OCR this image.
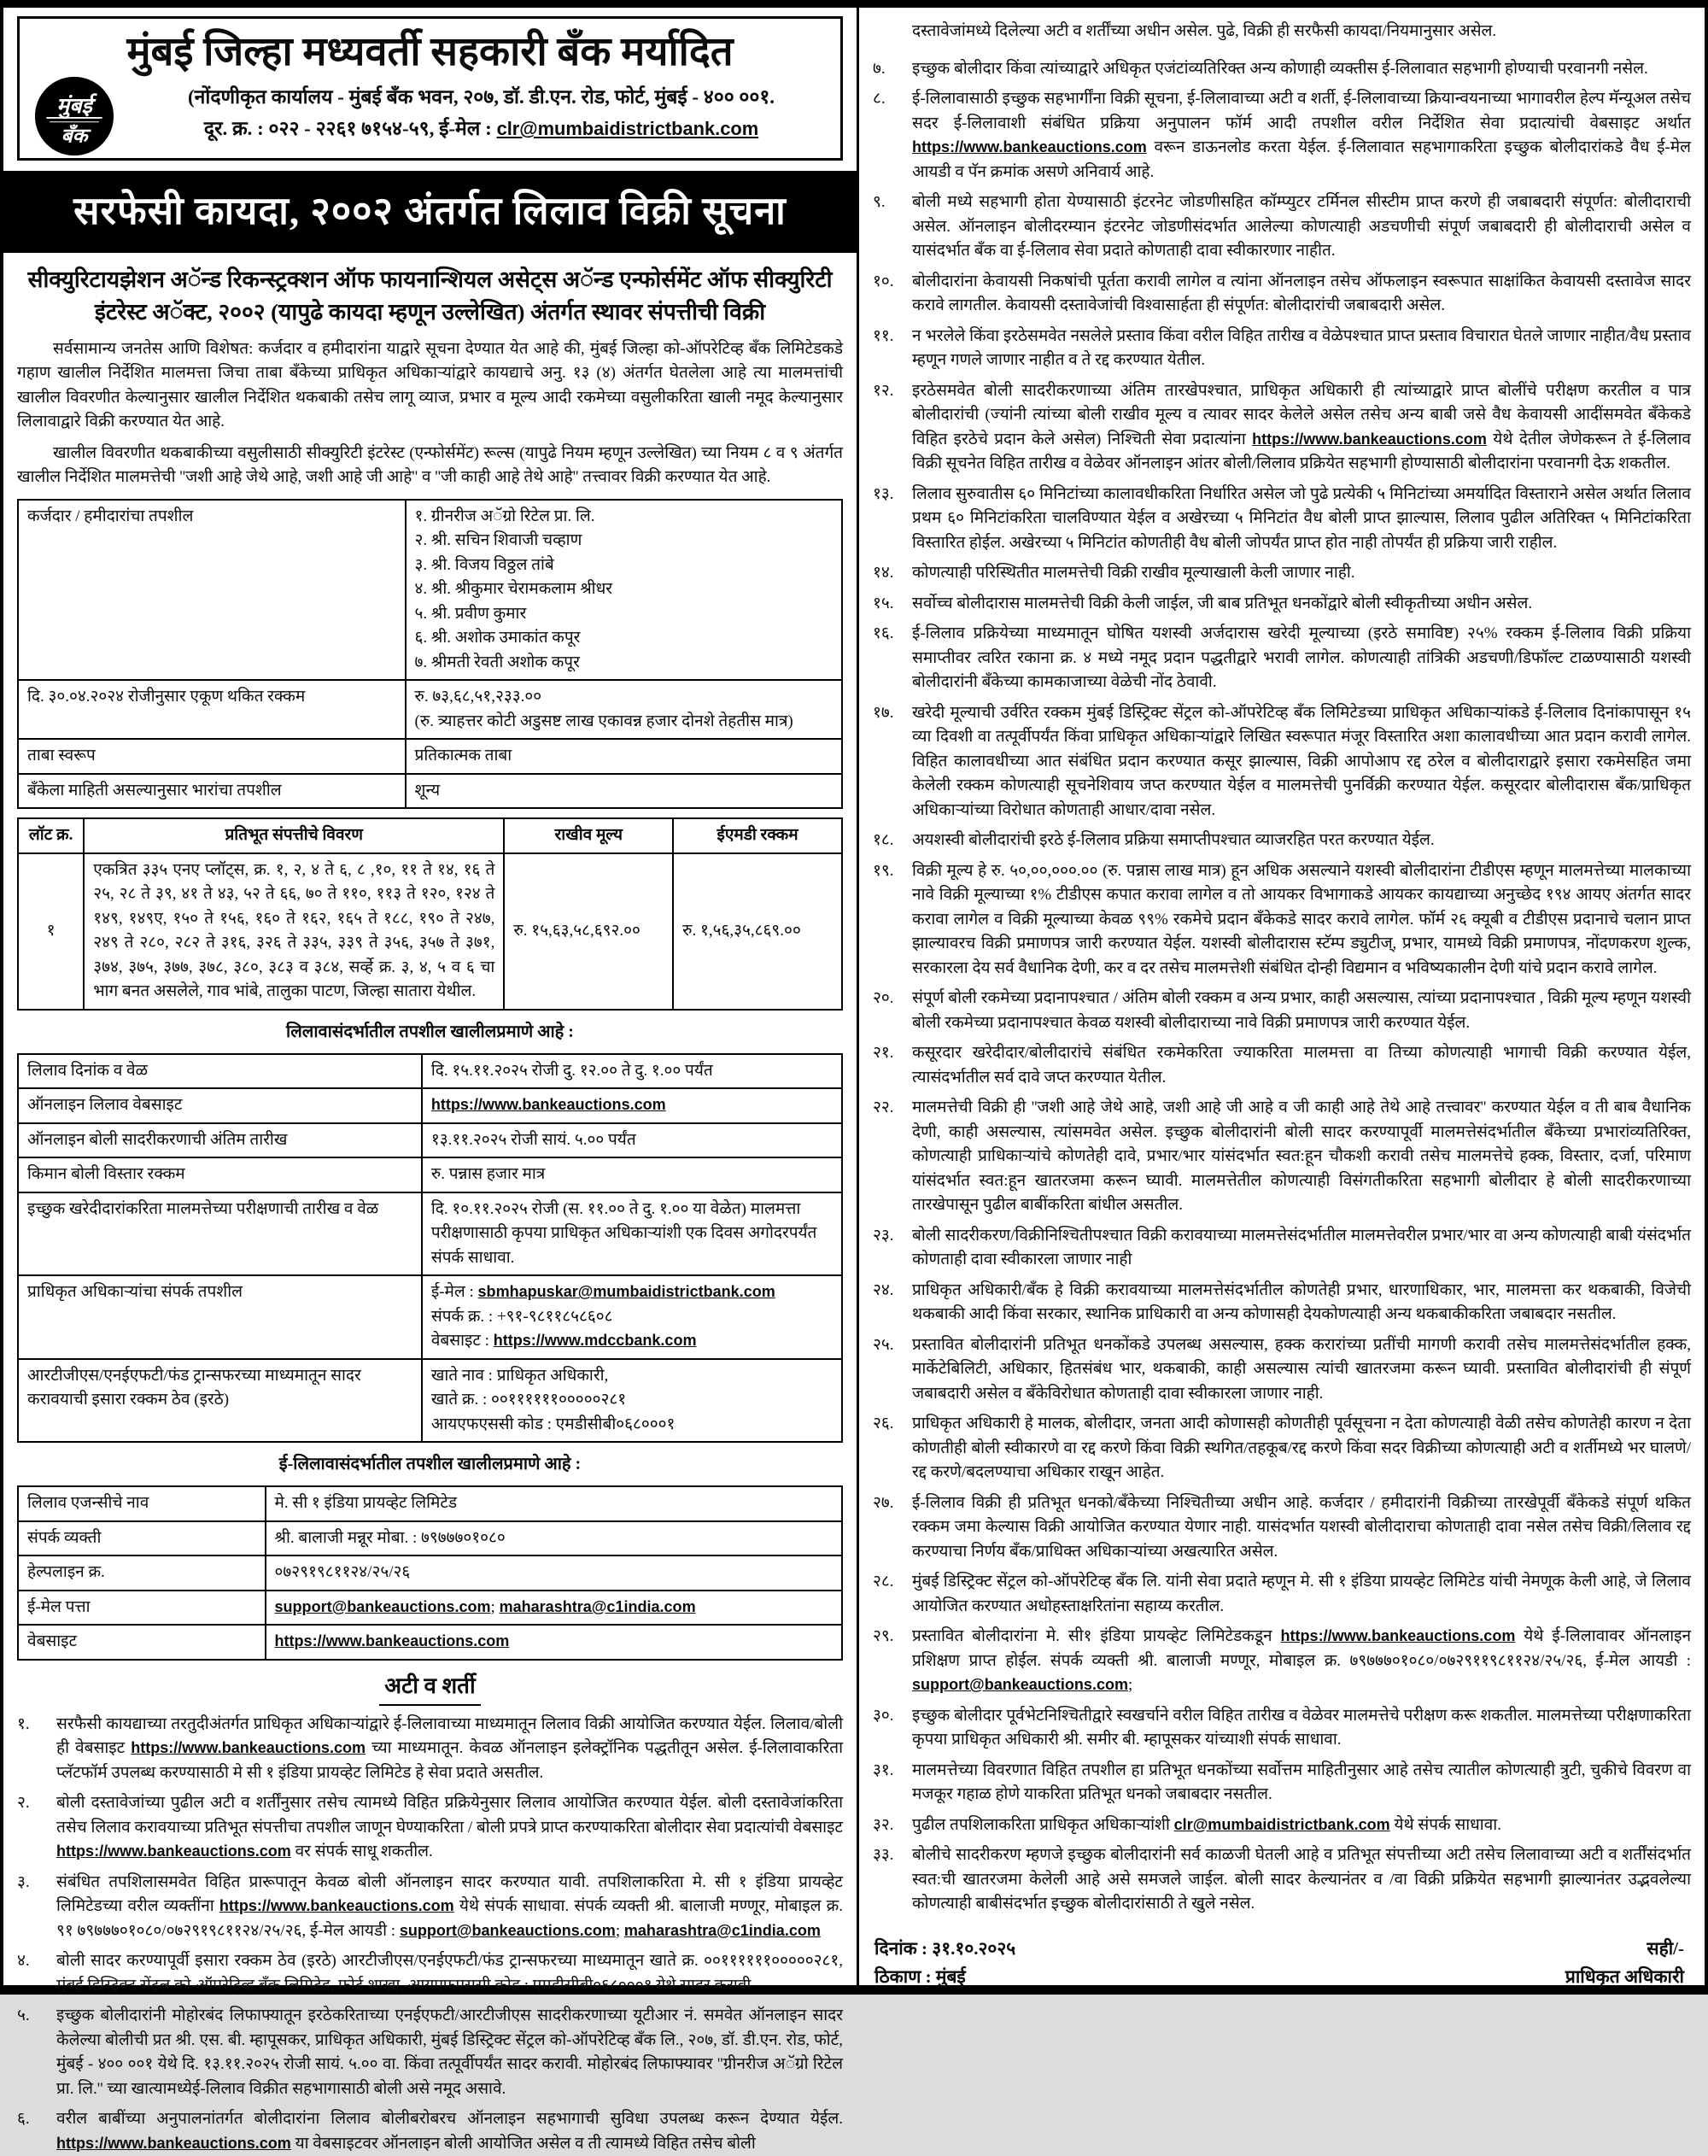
मुंबई
बँक
मुंबई जिल्हा मध्यवर्ती सहकारी बँक मर्यादित
(नोंदणीकृत कार्यालय - मुंबई बँक भवन, २०७, डॉ. डी.एन. रोड, फोर्ट, मुंबई - ४०० ००१.
दूर. क्र. : ०२२ - २२६१ ७१५४-५९, ई-मेल : clr@mumbaidistrictbank.com
सरफेसी कायदा, २००२ अंतर्गत लिलाव विक्री सूचना
सीक्युरिटायझेशन अॅन्ड रिकन्स्ट्रक्शन ऑफ फायनान्शियल असेट्स अॅन्ड एन्फोर्समेंट ऑफ सीक्युरिटी इंटरेस्ट अॅक्ट, २००२ (यापुढे कायदा म्हणून उल्लेखित) अंतर्गत स्थावर संपत्तीची विक्री

सर्वसामान्य जनतेस आणि विशेषत: कर्जदार व हमीदारांना याद्वारे सूचना देण्यात येत आहे की, मुंबई जिल्हा को-ऑपरेटिव्ह बँक लिमिटेडकडे गहाण खालील निर्देशित मालमत्ता जिचा ताबा बँकेच्या प्राधिकृत अधिकाऱ्यांद्वारे कायद्याचे अनु. १३ (४) अंतर्गत घेतलेला आहे त्या मालमत्तांची खालील विवरणीत केल्यानुसार खालील निर्देशित थकबाकी तसेच लागू व्याज, प्रभार व मूल्य आदी रकमेच्या वसुलीकरिता खाली नमूद केल्यानुसार लिलावाद्वारे विक्री करण्यात येत आहे.

खालील विवरणीत थकबाकीच्या वसुलीसाठी सीक्युरिटी इंटरेस्ट (एन्फोर्समेंट) रूल्स (यापुढे नियम म्हणून उल्लेखित) च्या नियम ८ व ९ अंतर्गत खालील निर्देशित मालमत्तेची ''जशी आहे जेथे आहे, जशी आहे जी आहे'' व ''जी काही आहे तेथे आहे'' तत्त्वावर विक्री करण्यात येत आहे.

कर्जदार / हमीदारांचा तपशील	१. ग्रीनरीज अॅग्रो रिटेल प्रा. लि.
२. श्री. सचिन शिवाजी चव्हाण
३. श्री. विजय विठ्ठल तांबे
४. श्री. श्रीकुमार चेरामकलाम श्रीधर
५. श्री. प्रवीण कुमार
६. श्री. अशोक उमाकांत कपूर
७. श्रीमती रेवती अशोक कपूर
दि. ३०.०४.२०२४ रोजीनुसार एकूण थकित रक्कम	रु. ७३,६८,५१,२३३.००
(रु. त्र्याहत्तर कोटी अडुसष्ट लाख एकावन्न हजार दोनशे तेहतीस मात्र)
ताबा स्वरूप	प्रतिकात्मक ताबा
बँकेला माहिती असल्यानुसार भारांचा तपशील	शून्य
लॉट क्र.	प्रतिभूत संपत्तीचे विवरण	राखीव मूल्य	ईएमडी रक्कम
१	एकत्रित ३३५ एनए प्लॉट्स, क्र. १, २, ४ ते ६, ८ ,१०, ११ ते १४, १६ ते २५, २८ ते ३९, ४१ ते ४३, ५२ ते ६६, ७० ते ११०, ११३ ते १२०, १२४ ते १४९, १४९ए, १५० ते १५६, १६० ते १६२, १६५ ते १८८, १९० ते २४७, २४९ ते २८०, २८२ ते ३१६, ३२६ ते ३३५, ३३९ ते ३५६, ३५७ ते ३७१, ३७४, ३७५, ३७७, ३७८, ३८०, ३८३ व ३८४, सर्व्हे क्र. ३, ४, ५ व ६ चा भाग बनत असलेले, गाव भांबे, तालुका पाटण, जिल्हा सातारा येथील.	रु. १५,६३,५८,६९२.००	रु. १,५६,३५,८६९.००
लिलावासंदर्भातील तपशील खालीलप्रमाणे आहे :
लिलाव दिनांक व वेळ	दि. १५.११.२०२५ रोजी दु. १२.०० ते दु. १.०० पर्यंत
ऑनलाइन लिलाव वेबसाइट	https://www.bankeauctions.com
ऑनलाइन बोली सादरीकरणाची अंतिम तारीख	१३.११.२०२५ रोजी सायं. ५.०० पर्यंत
किमान बोली विस्तार रक्कम	रु. पन्नास हजार मात्र
इच्छुक खरेदीदारांकरिता मालमत्तेच्या परीक्षणाची तारीख व वेळ	दि. १०.११.२०२५ रोजी (स. ११.०० ते दु. १.०० या वेळेत) मालमत्ता परीक्षणासाठी कृपया प्राधिकृत अधिकाऱ्यांशी एक दिवस अगोदरपर्यंत संपर्क साधावा.
प्राधिकृत अधिकाऱ्यांचा संपर्क तपशील	ई-मेल : sbmhapuskar@mumbaidistrictbank.com
संपर्क क्र. : +९१-९८११८५८६०८
वेबसाइट : https://www.mdccbank.com
आरटीजीएस/एनईएफटी/फंड ट्रान्सफरच्या माध्यमातून सादर करावयाची इसारा रक्कम ठेव (इरठे)	खाते नाव : प्राधिकृत अधिकारी,
खाते क्र. : ००११११११०००००२८१
आयएफएससी कोड : एमडीसीबी०६८०००१
ई-लिलावासंदर्भातील तपशील खालीलप्रमाणे आहे :
लिलाव एजन्सीचे नाव	मे. सी १ इंडिया प्रायव्हेट लिमिटेड
संपर्क व्यक्ती	श्री. बालाजी मन्नूर मोबा. : ७९७७७०१०८०
हेल्पलाइन क्र.	०७२९१९८११२४/२५/२६
ई-मेल पत्ता	support@bankeauctions.com; maharashtra@c1india.com
वेबसाइट	https://www.bankeauctions.com
अटी व शर्ती
१.	सरफैसी कायद्याच्या तरतुदीअंतर्गत प्राधिकृत अधिकाऱ्यांद्वारे ई-लिलावाच्या माध्यमातून लिलाव विक्री आयोजित करण्यात येईल. लिलाव/बोली ही वेबसाइट https://www.bankeauctions.com च्या माध्यमातून. केवळ ऑनलाइन इलेक्ट्रॉनिक पद्धतीतून असेल. ई-लिलावाकरिता प्लॅटफॉर्म उपलब्ध करण्यासाठी मे सी १ इंडिया प्रायव्हेट लिमिटेड हे सेवा प्रदाते असतील.
२.	बोली दस्तावेजांच्या पुढील अटी व शर्तींनुसार तसेच त्यामध्ये विहित प्रक्रियेनुसार लिलाव आयोजित करण्यात येईल. बोली दस्तावेजांकरिता तसेच लिलाव करावयाच्या प्रतिभूत संपत्तीचा तपशील जाणून घेण्याकरिता / बोली प्रपत्रे प्राप्त करण्याकरिता बोलीदार सेवा प्रदात्यांची वेबसाइट https://www.bankeauctions.com वर संपर्क साधू शकतील.
३.	संबंधित तपशिलासमवेत विहित प्रारूपातून केवळ बोली ऑनलाइन सादर करण्यात यावी. तपशिलाकरिता मे. सी १ इंडिया प्रायव्हेट लिमिटेडच्या वरील व्यक्तींना https://www.bankeauctions.com येथे संपर्क साधावा. संपर्क व्यक्ती श्री. बालाजी मण्णूर, मोबाइल क्र. ९१ ७९७७७०१०८०/०७२९१९८११२४/२५/२६, ई-मेल आयडी : support@bankeauctions.com; maharashtra@c1india.com
४.	बोली सादर करण्यापूर्वी इसारा रक्कम ठेव (इरठे) आरटीजीएस/एनईएफटी/फंड ट्रान्सफरच्या माध्यमातून खाते क्र. ००११११११०००००२८१, मुंबई डिस्ट्रिक्ट सेंट्रल को-ऑपरेटिव्ह बँक लिमिटेड, फोर्ट शाखा, आयएफएससी कोड : एमडीसीबी०६८०००१ येथे सादर करावी.
५.	इच्छुक बोलीदारांनी मोहोरबंद लिफाफ्यातून इरठेकरिताच्या एनईएफटी/आरटीजीएस सादरीकरणाच्या यूटीआर नं. समवेत ऑनलाइन सादर केलेल्या बोलीची प्रत श्री. एस. बी. म्हापूसकर, प्राधिकृत अधिकारी, मुंबई डिस्ट्रिक्ट सेंट्रल को-ऑपरेटिव्ह बँक लि., २०७, डॉ. डी.एन. रोड, फोर्ट, मुंबई - ४०० ००१ येथे दि. १३.११.२०२५ रोजी सायं. ५.०० वा. किंवा तत्पूर्वीपर्यंत सादर करावी. मोहोरबंद लिफाफ्यावर ''ग्रीनरीज अॅग्रो रिटेल प्रा. लि.'' च्या खात्यामध्येई-लिलाव विक्रीत सहभागासाठी बोली असे नमूद असावे.
६.	वरील बाबींच्या अनुपालनांतर्गत बोलीदारांना लिलाव बोलीबरोबरच ऑनलाइन सहभागाची सुविधा उपलब्ध करून देण्यात येईल. https://www.bankeauctions.com या वेबसाइटवर ऑनलाइन बोली आयोजित असेल व ती त्यामध्ये विहित तसेच बोली
दस्तावेजांमध्ये दिलेल्या अटी व शर्तींच्या अधीन असेल. पुढे, विक्री ही सरफैसी कायदा/नियमानुसार असेल.
७.	इच्छुक बोलीदार किंवा त्यांच्याद्वारे अधिकृत एजंटांव्यतिरिक्त अन्य कोणाही व्यक्तीस ई-लिलावात सहभागी होण्याची परवानगी नसेल.
८.	ई-लिलावासाठी इच्छुक सहभार्गींना विक्री सूचना, ई-लिलावाच्या अटी व शर्ती, ई-लिलावाच्या क्रियान्वयनाच्या भागावरील हेल्प मॅन्यूअल तसेच सदर ई-लिलावाशी संबंधित प्रक्रिया अनुपालन फॉर्म आदी तपशील वरील निर्देशित सेवा प्रदात्यांची वेबसाइट अर्थात https://www.bankeauctions.com वरून डाऊनलोड करता येईल. ई-लिलावात सहभागाकरिता इच्छुक बोलीदारांकडे वैध ई-मेल आयडी व पॅन क्रमांक असणे अनिवार्य आहे.
९.	बोली मध्ये सहभागी होता येण्यासाठी इंटरनेट जोडणीसहित कॉम्प्युटर टर्मिनल सीस्टीम प्राप्त करणे ही जबाबदारी संपूर्णत: बोलीदाराची असेल. ऑनलाइन बोलीदरम्यान इंटरनेट जोडणीसंदर्भात आलेल्या कोणत्याही अडचणीची संपूर्ण जबाबदारी ही बोलीदाराची असेल व यासंदर्भात बँक वा ई-लिलाव सेवा प्रदाते कोणताही दावा स्वीकारणार नाहीत.
१०.	बोलीदारांना केवायसी निकषांची पूर्तता करावी लागेल व त्यांना ऑनलाइन तसेच ऑफलाइन स्वरूपात साक्षांकित केवायसी दस्तावेज सादर करावे लागतील. केवायसी दस्तावेजांची विश्वासार्हता ही संपूर्णत: बोलीदारांची जबाबदारी असेल.
११.	न भरलेले किंवा इरठेसमवेत नसलेले प्रस्ताव किंवा वरील विहित तारीख व वेळेपश्चात प्राप्त प्रस्ताव विचारात घेतले जाणार नाहीत/वैध प्रस्ताव म्हणून गणले जाणार नाहीत व ते रद्द करण्यात येतील.
१२.	इरठेसमवेत बोली सादरीकरणाच्या अंतिम तारखेपश्चात, प्राधिकृत अधिकारी ही त्यांच्याद्वारे प्राप्त बोलींचे परीक्षण करतील व पात्र बोलीदारांची (ज्यांनी त्यांच्या बोली राखीव मूल्य व त्यावर सादर केलेले असेल तसेच अन्य बाबी जसे वैध केवायसी आदींसमवेत बँकेकडे विहित इरठेचे प्रदान केले असेल) निश्चिती सेवा प्रदात्यांना https://www.bankeauctions.com येथे देतील जेणेकरून ते ई-लिलाव विक्री सूचनेत विहित तारीख व वेळेवर ऑनलाइन आंतर बोली/लिलाव प्रक्रियेत सहभागी होण्यासाठी बोलीदारांना परवानगी देऊ शकतील.
१३.	लिलाव सुरुवातीस ६० मिनिटांच्या कालावधीकरिता निर्धारित असेल जो पुढे प्रत्येकी ५ मिनिटांच्या अमर्यादित विस्ताराने असेल अर्थात लिलाव प्रथम ६० मिनिटांकरिता चालविण्यात येईल व अखेरच्या ५ मिनिटांत वैध बोली प्राप्त झाल्यास, लिलाव पुढील अतिरिक्त ५ मिनिटांकरिता विस्तारित होईल. अखेरच्या ५ मिनिटांत कोणतीही वैध बोली जोपर्यंत प्राप्त होत नाही तोपर्यंत ही प्रक्रिया जारी राहील.
१४.	कोणत्याही परिस्थितीत मालमत्तेची विक्री राखीव मूल्याखाली केली जाणार नाही.
१५.	सर्वोच्च बोलीदारास मालमत्तेची विक्री केली जाईल, जी बाब प्रतिभूत धनकोंद्वारे बोली स्वीकृतीच्या अधीन असेल.
१६.	ई-लिलाव प्रक्रियेच्या माध्यमातून घोषित यशस्वी अर्जदारास खरेदी मूल्याच्या (इरठे समाविष्ट) २५% रक्कम ई-लिलाव विक्री प्रक्रिया समाप्तीवर त्वरित रकाना क्र. ४ मध्ये नमूद प्रदान पद्धतीद्वारे भरावी लागेल. कोणत्याही तांत्रिकी अडचणी/डिफॉल्ट टाळण्यासाठी यशस्वी बोलीदारांनी बँकेच्या कामकाजाच्या वेळेची नोंद ठेवावी.
१७.	खरेदी मूल्याची उर्वरित रक्कम मुंबई डिस्ट्रिक्ट सेंट्रल को-ऑपरेटिव्ह बँक लिमिटेडच्या प्राधिकृत अधिकाऱ्यांकडे ई-लिलाव दिनांकापासून १५ व्या दिवशी वा तत्पूर्वीपर्यंत किंवा प्राधिकृत अधिकाऱ्यांद्वारे लिखित स्वरूपात मंजूर विस्तारित अशा कालावधीच्या आत प्रदान करावी लागेल. विहित कालावधीच्या आत संबंधित प्रदान करण्यात कसूर झाल्यास, विक्री आपोआप रद्द ठरेल व बोलीदाराद्वारे इसारा रकमेसहित जमा केलेली रक्कम कोणत्याही सूचनेशिवाय जप्त करण्यात येईल व मालमत्तेची पुनर्विक्री करण्यात येईल. कसूरदार बोलीदारास बँक/प्राधिकृत अधिकाऱ्यांच्या विरोधात कोणताही आधार/दावा नसेल.
१८.	अयशस्वी बोलीदारांची इरठे ई-लिलाव प्रक्रिया समाप्तीपश्चात व्याजरहित परत करण्यात येईल.
१९.	विक्री मूल्य हे रु. ५०,००,०००.०० (रु. पन्नास लाख मात्र) हून अधिक असल्याने यशस्वी बोलीदारांना टीडीएस म्हणून मालमत्तेच्या मालकाच्या नावे विक्री मूल्याच्या १% टीडीएस कपात करावा लागेल व तो आयकर विभागाकडे आयकर कायद्याच्या अनुच्छेद १९४ आयए अंतर्गत सादर करावा लागेल व विक्री मूल्याच्या केवळ ९९% रकमेचे प्रदान बँकेकडे सादर करावे लागेल. फॉर्म २६ क्यूबी व टीडीएस प्रदानाचे चलान प्राप्त झाल्यावरच विक्री प्रमाणपत्र जारी करण्यात येईल. यशस्वी बोलीदारास स्टॅम्प ड्युटीज्, प्रभार, यामध्ये विक्री प्रमाणपत्र, नोंदणकरण शुल्क, सरकारला देय सर्व वैधानिक देणी, कर व दर तसेच मालमत्तेशी संबंधित दोन्ही विद्यमान व भविष्यकालीन देणी यांचे प्रदान करावे लागेल.
२०.	संपूर्ण बोली रकमेच्या प्रदानापश्चात / अंतिम बोली रक्कम व अन्य प्रभार, काही असल्यास, त्यांच्या प्रदानापश्चात , विक्री मूल्य म्हणून यशस्वी बोली रकमेच्या प्रदानापश्चात केवळ यशस्वी बोलीदाराच्या नावे विक्री प्रमाणपत्र जारी करण्यात येईल.
२१.	कसूरदार खरेदीदार/बोलीदारांचे संबंधित रकमेकरिता ज्याकरिता मालमत्ता वा तिच्या कोणत्याही भागाची विक्री करण्यात येईल, त्यासंदर्भातील सर्व दावे जप्त करण्यात येतील.
२२.	मालमत्तेची विक्री ही ''जशी आहे जेथे आहे, जशी आहे जी आहे व जी काही आहे तेथे आहे तत्त्वावर'' करण्यात येईल व ती बाब वैधानिक देणी, काही असल्यास, त्यांसमवेत असेल. इच्छुक बोलीदारांनी बोली सादर करण्यापूर्वी मालमत्तेसंदर्भातील बँकेच्या प्रभारांव्यतिरिक्त, कोणत्याही प्राधिकाऱ्यांचे कोणतेही दावे, प्रभार/भार यांसंदर्भात स्वत:हून चौकशी करावी तसेच मालमत्तेचे हक्क, विस्तार, दर्जा, परिमाण यांसंदर्भात स्वत:हून खातरजमा करून घ्यावी. मालमत्तेतील कोणत्याही विसंगतीकरिता सहभागी बोलीदार हे बोली सादरीकरणाच्या तारखेपासून पुढील बाबींकरिता बांधील असतील.
२३.	बोली सादरीकरण/विक्रीनिश्चितीपश्चात विक्री करावयाच्या मालमत्तेसंदर्भातील मालमत्तेवरील प्रभार/भार वा अन्य कोणत्याही बाबी यंसंदर्भात कोणताही दावा स्वीकारला जाणार नाही
२४.	प्राधिकृत अधिकारी/बँक हे विक्री करावयाच्या मालमत्तेसंदर्भातील कोणतेही प्रभार, धारणाधिकार, भार, मालमत्ता कर थकबाकी, विजेची थकबाकी आदी किंवा सरकार, स्थानिक प्राधिकारी वा अन्य कोणासही देयकोणत्याही अन्य थकबाकीकरिता जबाबदार नसतील.
२५.	प्रस्तावित बोलीदारांनी प्रतिभूत धनकोंकडे उपलब्ध असल्यास, हक्क करारांच्या प्रतींची मागणी करावी तसेच मालमत्तेसंदर्भातील हक्क, मार्केटेबिलिटी, अधिकार, हितसंबंध भार, थकबाकी, काही असल्यास त्यांची खातरजमा करून घ्यावी. प्रस्तावित बोलीदारांची ही संपूर्ण जबाबदारी असेल व बँकेविरोधात कोणताही दावा स्वीकारला जाणार नाही.
२६.	प्राधिकृत अधिकारी हे मालक, बोलीदार, जनता आदी कोणासही कोणतीही पूर्वसूचना न देता कोणत्याही वेळी तसेच कोणतेही कारण न देता कोणतीही बोली स्वीकारणे वा रद्द करणे किंवा विक्री स्थगित/तहकूब/रद्द करणे किंवा सदर विक्रीच्या कोणत्याही अटी व शर्तीमध्ये भर घालणे/रद्द करणे/बदलण्याचा अधिकार राखून आहेत.
२७.	ई-लिलाव विक्री ही प्रतिभूत धनको/बँकेच्या निश्चितीच्या अधीन आहे. कर्जदार / हमीदारांनी विक्रीच्या तारखेपूर्वी बँकेकडे संपूर्ण थकित रक्कम जमा केल्यास विक्री आयोजित करण्यात येणार नाही. यासंदर्भात यशस्वी बोलीदाराचा कोणताही दावा नसेल तसेच विक्री/लिलाव रद्द करण्याचा निर्णय बँक/प्राधिक्त अधिकाऱ्यांच्या अखत्यारित असेल.
२८.	मुंबई डिस्ट्रिक्ट सेंट्रल को-ऑपरेटिव्ह बँक लि. यांनी सेवा प्रदाते म्हणून मे. सी १ इंडिया प्रायव्हेट लिमिटेड यांची नेमणूक केली आहे, जे लिलाव आयोजित करण्यात अधोहस्ताक्षरितांना सहाय्य करतील.
२९.	प्रस्तावित बोलीदारांना मे. सी१ इंडिया प्रायव्हेट लिमिटेडकडून https://www.bankeauctions.com येथे ई-लिलावावर ऑनलाइन प्रशिक्षण प्राप्त होईल. संपर्क व्यक्ती श्री. बालाजी मण्णूर, मोबाइल क्र. ७९७७७०१०८०/०७२९११९८११२४/२५/२६, ई-मेल आयडी : support@bankeauctions.com;
३०.	इच्छुक बोलीदार पूर्वभेटनिश्चितीद्वारे स्वखर्चाने वरील विहित तारीख व वेळेवर मालमत्तेचे परीक्षण करू शकतील. मालमत्तेच्या परीक्षणाकरिता कृपया प्राधिकृत अधिकारी श्री. समीर बी. म्हापूसकर यांच्याशी संपर्क साधावा.
३१.	मालमत्तेच्या विवरणात विहित तपशील हा प्रतिभूत धनकोंच्या सर्वोत्तम माहितीनुसार आहे तसेच त्यातील कोणत्याही त्रुटी, चुकीचे विवरण वा मजकूर गहाळ होणे याकरिता प्रतिभूत धनको जबाबदार नसतील.
३२.	पुढील तपशिलाकरिता प्राधिकृत अधिकाऱ्यांशी clr@mumbaidistrictbank.com येथे संपर्क साधावा.
३३.	बोलीचे सादरीकरण म्हणजे इच्छुक बोलीदारांनी सर्व काळजी घेतली आहे व प्रतिभूत संपत्तीच्या अटी तसेच लिलावाच्या अटी व शर्तींसंदर्भात स्वत:ची खातरजमा केलेली आहे असे समजले जाईल. बोली सादर केल्यानंतर व /वा विक्री प्रक्रियेत सहभागी झाल्यानंतर उद्भवलेल्या कोणत्याही बाबीसंदर्भात इच्छुक बोलीदारांसाठी ते खुले नसेल.
दिनांक : ३१.१०.२०२५
ठिकाण : मुंबई
सही/-
प्राधिकृत अधिकारी
